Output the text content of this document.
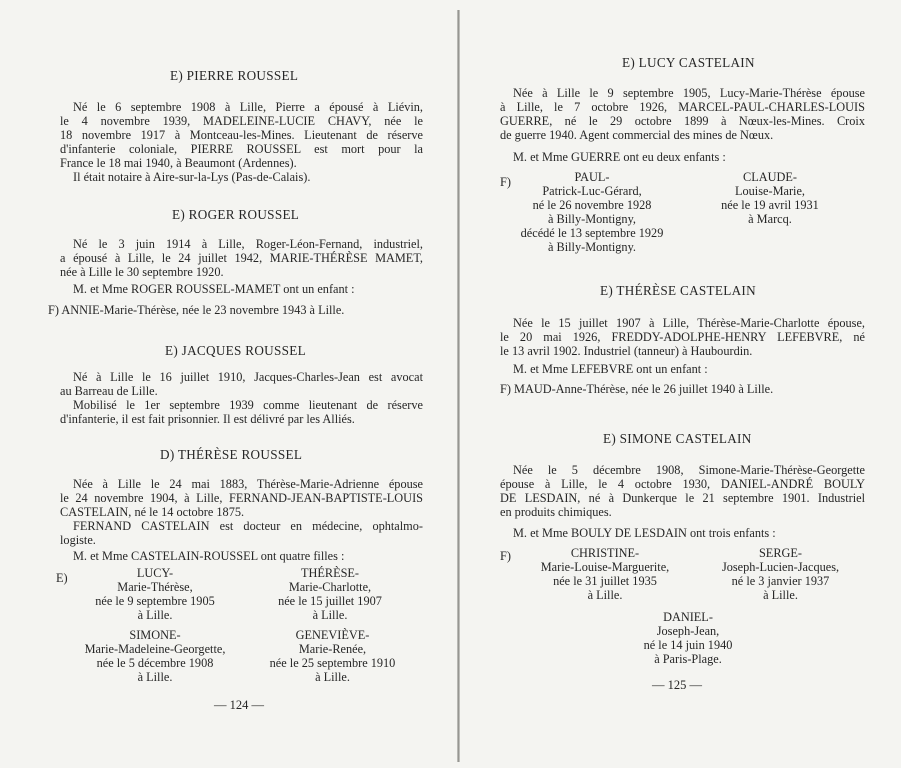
E) PIERRE ROUSSEL
Né le 6 septembre 1908 à Lille, Pierre a épousé à Liévin,
le 4 novembre 1939, MADELEINE-LUCIE CHAVY, née le
18 novembre 1917 à Montceau-les-Mines. Lieutenant de réserve
d'infanterie coloniale, PIERRE ROUSSEL est mort pour la
France le 18 mai 1940, à Beaumont (Ardennes).
Il était notaire à Aire-sur-la-Lys (Pas-de-Calais).
E) ROGER ROUSSEL
Né le 3 juin 1914 à Lille, Roger-Léon-Fernand, industriel,
a épousé à Lille, le 24 juillet 1942, MARIE-THÉRÈSE MAMET,
née à Lille le 30 septembre 1920.
M. et Mme ROGER ROUSSEL-MAMET ont un enfant :
F) ANNIE-Marie-Thérèse, née le 23 novembre 1943 à Lille.
E) JACQUES ROUSSEL
Né à Lille le 16 juillet 1910, Jacques-Charles-Jean est avocat
au Barreau de Lille.
Mobilisé le 1er septembre 1939 comme lieutenant de réserve
d'infanterie, il est fait prisonnier. Il est délivré par les Alliés.
D) THÉRÈSE ROUSSEL
Née à Lille le 24 mai 1883, Thérèse-Marie-Adrienne épouse
le 24 novembre 1904, à Lille, FERNAND-JEAN-BAPTISTE-LOUIS
CASTELAIN, né le 14 octobre 1875.
FERNAND CASTELAIN est docteur en médecine, ophtalmo-
logiste.
M. et Mme CASTELAIN-ROUSSEL ont quatre filles :
E)	LUCY-
Marie-Thérèse,
née le 9 septembre 1905
à Lille.
THÉRÈSE-
Marie-Charlotte,
née le 15 juillet 1907
à Lille.
SIMONE-
Marie-Madeleine-Georgette,
née le 5 décembre 1908
à Lille.
GENEVIÈVE-
Marie-Renée,
née le 25 septembre 1910
à Lille.
— 124 —
E) LUCY CASTELAIN
Née à Lille le 9 septembre 1905, Lucy-Marie-Thérèse épouse
à Lille, le 7 octobre 1926, MARCEL-PAUL-CHARLES-LOUIS
GUERRE, né le 29 octobre 1899 à Nœux-les-Mines. Croix
de guerre 1940. Agent commercial des mines de Nœux.
M. et Mme GUERRE ont eu deux enfants :
F)	PAUL-
Patrick-Luc-Gérard,
né le 26 novembre 1928
à Billy-Montigny,
décédé le 13 septembre 1929
à Billy-Montigny.
CLAUDE-
Louise-Marie,
née le 19 avril 1931
à Marcq.
E) THÉRÈSE CASTELAIN
Née le 15 juillet 1907 à Lille, Thérèse-Marie-Charlotte épouse,
le 20 mai 1926, FREDDY-ADOLPHE-HENRY LEFEBVRE, né
le 13 avril 1902. Industriel (tanneur) à Haubourdin.
M. et Mme LEFEBVRE ont un enfant :
F) MAUD-Anne-Thérèse, née le 26 juillet 1940 à Lille.
E) SIMONE CASTELAIN
Née le 5 décembre 1908, Simone-Marie-Thérèse-Georgette
épouse à Lille, le 4 octobre 1930, DANIEL-ANDRÉ BOULY
DE LESDAIN, né à Dunkerque le 21 septembre 1901. Industriel
en produits chimiques.
M. et Mme BOULY DE LESDAIN ont trois enfants :
F)	CHRISTINE-
Marie-Louise-Marguerite,
née le 31 juillet 1935
à Lille.
SERGE-
Joseph-Lucien-Jacques,
né le 3 janvier 1937
à Lille.
DANIEL-
Joseph-Jean,
né le 14 juin 1940
à Paris-Plage.
— 125 —
